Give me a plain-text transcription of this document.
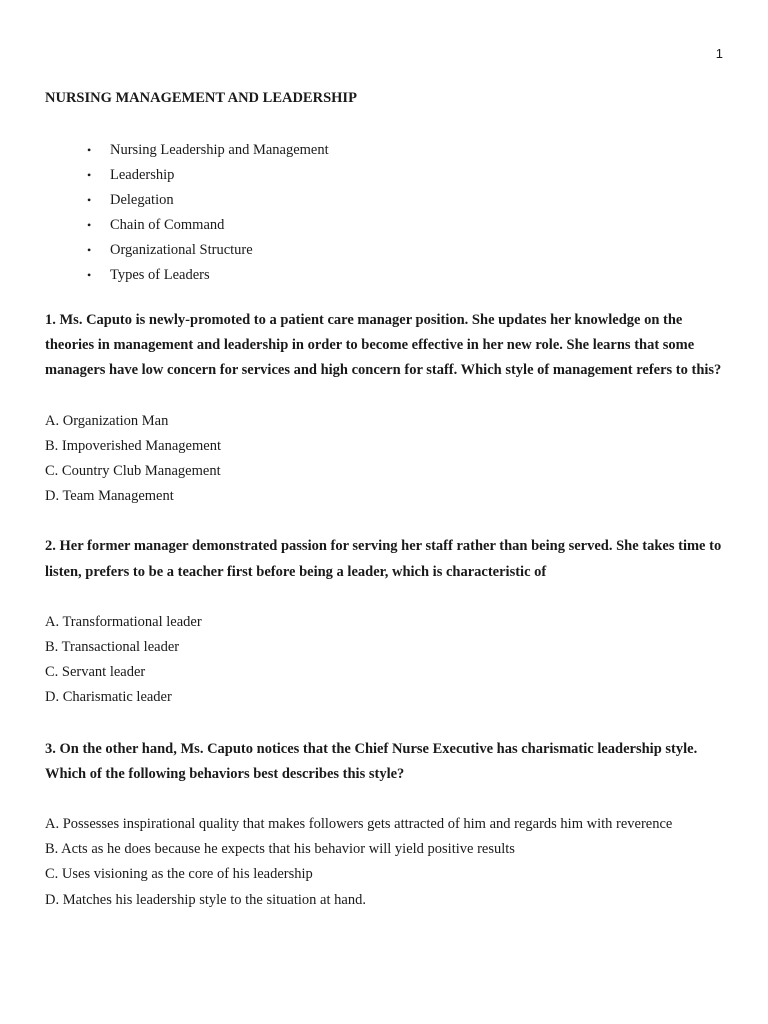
1
NURSING MANAGEMENT AND LEADERSHIP
• Nursing Leadership and Management
• Leadership
• Delegation
• Chain of Command
• Organizational Structure
• Types of Leaders

1. Ms. Caputo is newly-promoted to a patient care manager position. She updates her knowledge on the theories in management and leadership in order to become effective in her new role. She learns that some managers have low concern for services and high concern for staff. Which style of management refers to this?

A. Organization Man
B. Impoverished Management
C. Country Club Management
D. Team Management

2. Her former manager demonstrated passion for serving her staff rather than being served. She takes time to listen, prefers to be a teacher first before being a leader, which is characteristic of

A. Transformational leader
B. Transactional leader
C. Servant leader
D. Charismatic leader

3. On the other hand, Ms. Caputo notices that the Chief Nurse Executive has charismatic leadership style. Which of the following behaviors best describes this style?

A. Possesses inspirational quality that makes followers gets attracted of him and regards him with reverence
B. Acts as he does because he expects that his behavior will yield positive results
C. Uses visioning as the core of his leadership
D. Matches his leadership style to the situation at hand.
